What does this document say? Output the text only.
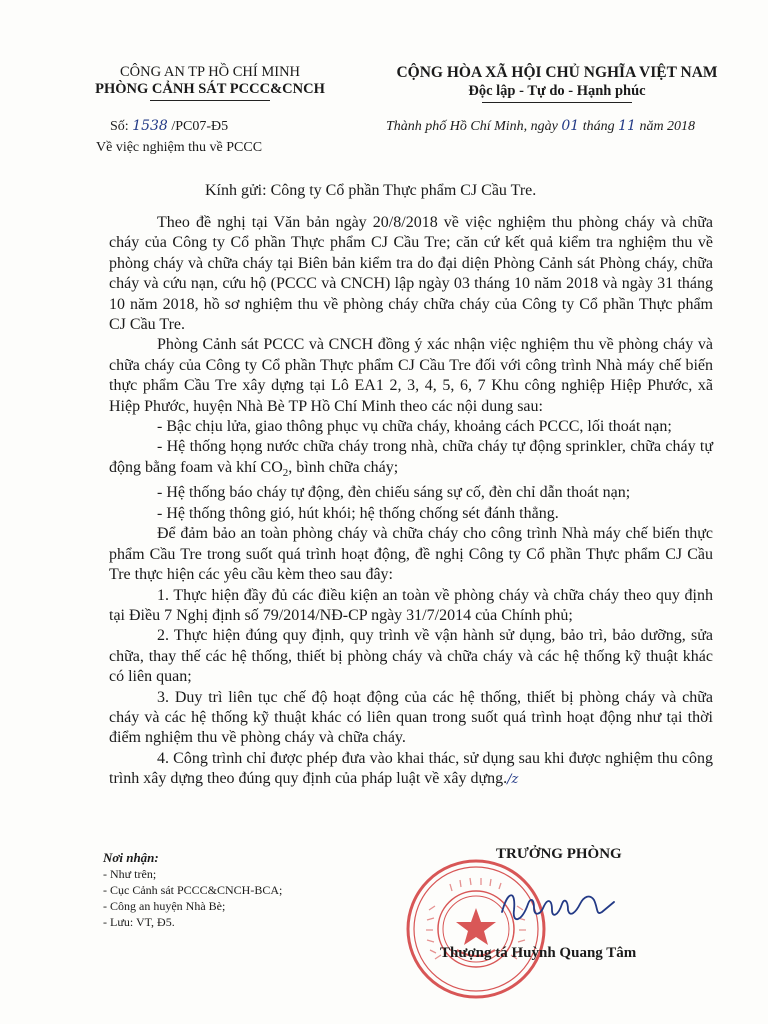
CÔNG AN TP HỒ CHÍ MINH
PHÒNG CẢNH SÁT PCCC&CNCH
CỘNG HÒA XÃ HỘI CHỦ NGHĨA VIỆT NAM
Độc lập - Tự do - Hạnh phúc
Số: 1538 /PC07-Đ5
Về việc nghiệm thu về PCCC
Thành phố Hồ Chí Minh, ngày 01 tháng 11 năm 2018
Kính gửi: Công ty Cổ phần Thực phẩm CJ Cầu Tre.

Theo đề nghị tại Văn bản ngày 20/8/2018 về việc nghiệm thu phòng cháy và chữa cháy của Công ty Cổ phần Thực phẩm CJ Cầu Tre; căn cứ kết quả kiểm tra nghiệm thu về phòng cháy và chữa cháy tại Biên bản kiểm tra do đại diện Phòng Cảnh sát Phòng cháy, chữa cháy và cứu nạn, cứu hộ (PCCC và CNCH) lập ngày 03 tháng 10 năm 2018 và ngày 31 tháng 10 năm 2018, hồ sơ nghiệm thu về phòng cháy chữa cháy của Công ty Cổ phần Thực phẩm CJ Cầu Tre.

Phòng Cảnh sát PCCC và CNCH đồng ý xác nhận việc nghiệm thu về phòng cháy và chữa cháy của Công ty Cổ phần Thực phẩm CJ Cầu Tre đối với công trình Nhà máy chế biến thực phẩm Cầu Tre xây dựng tại Lô EA1 2, 3, 4, 5, 6, 7 Khu công nghiệp Hiệp Phước, xã Hiệp Phước, huyện Nhà Bè TP Hồ Chí Minh theo các nội dung sau:

- Bậc chịu lửa, giao thông phục vụ chữa cháy, khoảng cách PCCC, lối thoát nạn;

- Hệ thống họng nước chữa cháy trong nhà, chữa cháy tự động sprinkler, chữa cháy tự động bằng foam và khí $CO_2$, bình chữa cháy;

- Hệ thống báo cháy tự động, đèn chiếu sáng sự cố, đèn chỉ dẫn thoát nạn;

- Hệ thống thông gió, hút khói; hệ thống chống sét đánh thẳng.

Để đảm bảo an toàn phòng cháy và chữa cháy cho công trình Nhà máy chế biến thực phẩm Cầu Tre trong suốt quá trình hoạt động, đề nghị Công ty Cổ phần Thực phẩm CJ Cầu Tre thực hiện các yêu cầu kèm theo sau đây:

1. Thực hiện đầy đủ các điều kiện an toàn về phòng cháy và chữa cháy theo quy định tại Điều 7 Nghị định số 79/2014/NĐ-CP ngày 31/7/2014 của Chính phủ;

2. Thực hiện đúng quy định, quy trình về vận hành sử dụng, bảo trì, bảo dưỡng, sửa chữa, thay thế các hệ thống, thiết bị phòng cháy và chữa cháy và các hệ thống kỹ thuật khác có liên quan;

3. Duy trì liên tục chế độ hoạt động của các hệ thống, thiết bị phòng cháy và chữa cháy và các hệ thống kỹ thuật khác có liên quan trong suốt quá trình hoạt động như tại thời điểm nghiệm thu về phòng cháy và chữa cháy.

4. Công trình chỉ được phép đưa vào khai thác, sử dụng sau khi được nghiệm thu công trình xây dựng theo đúng quy định của pháp luật về xây dựng./z

Nơi nhận:
- Như trên;
- Cục Cảnh sát PCCC&CNCH-BCA;
- Công an huyện Nhà Bè;
- Lưu: VT, Đ5.
TRƯỞNG PHÒNG
Thượng tá Huỳnh Quang Tâm
